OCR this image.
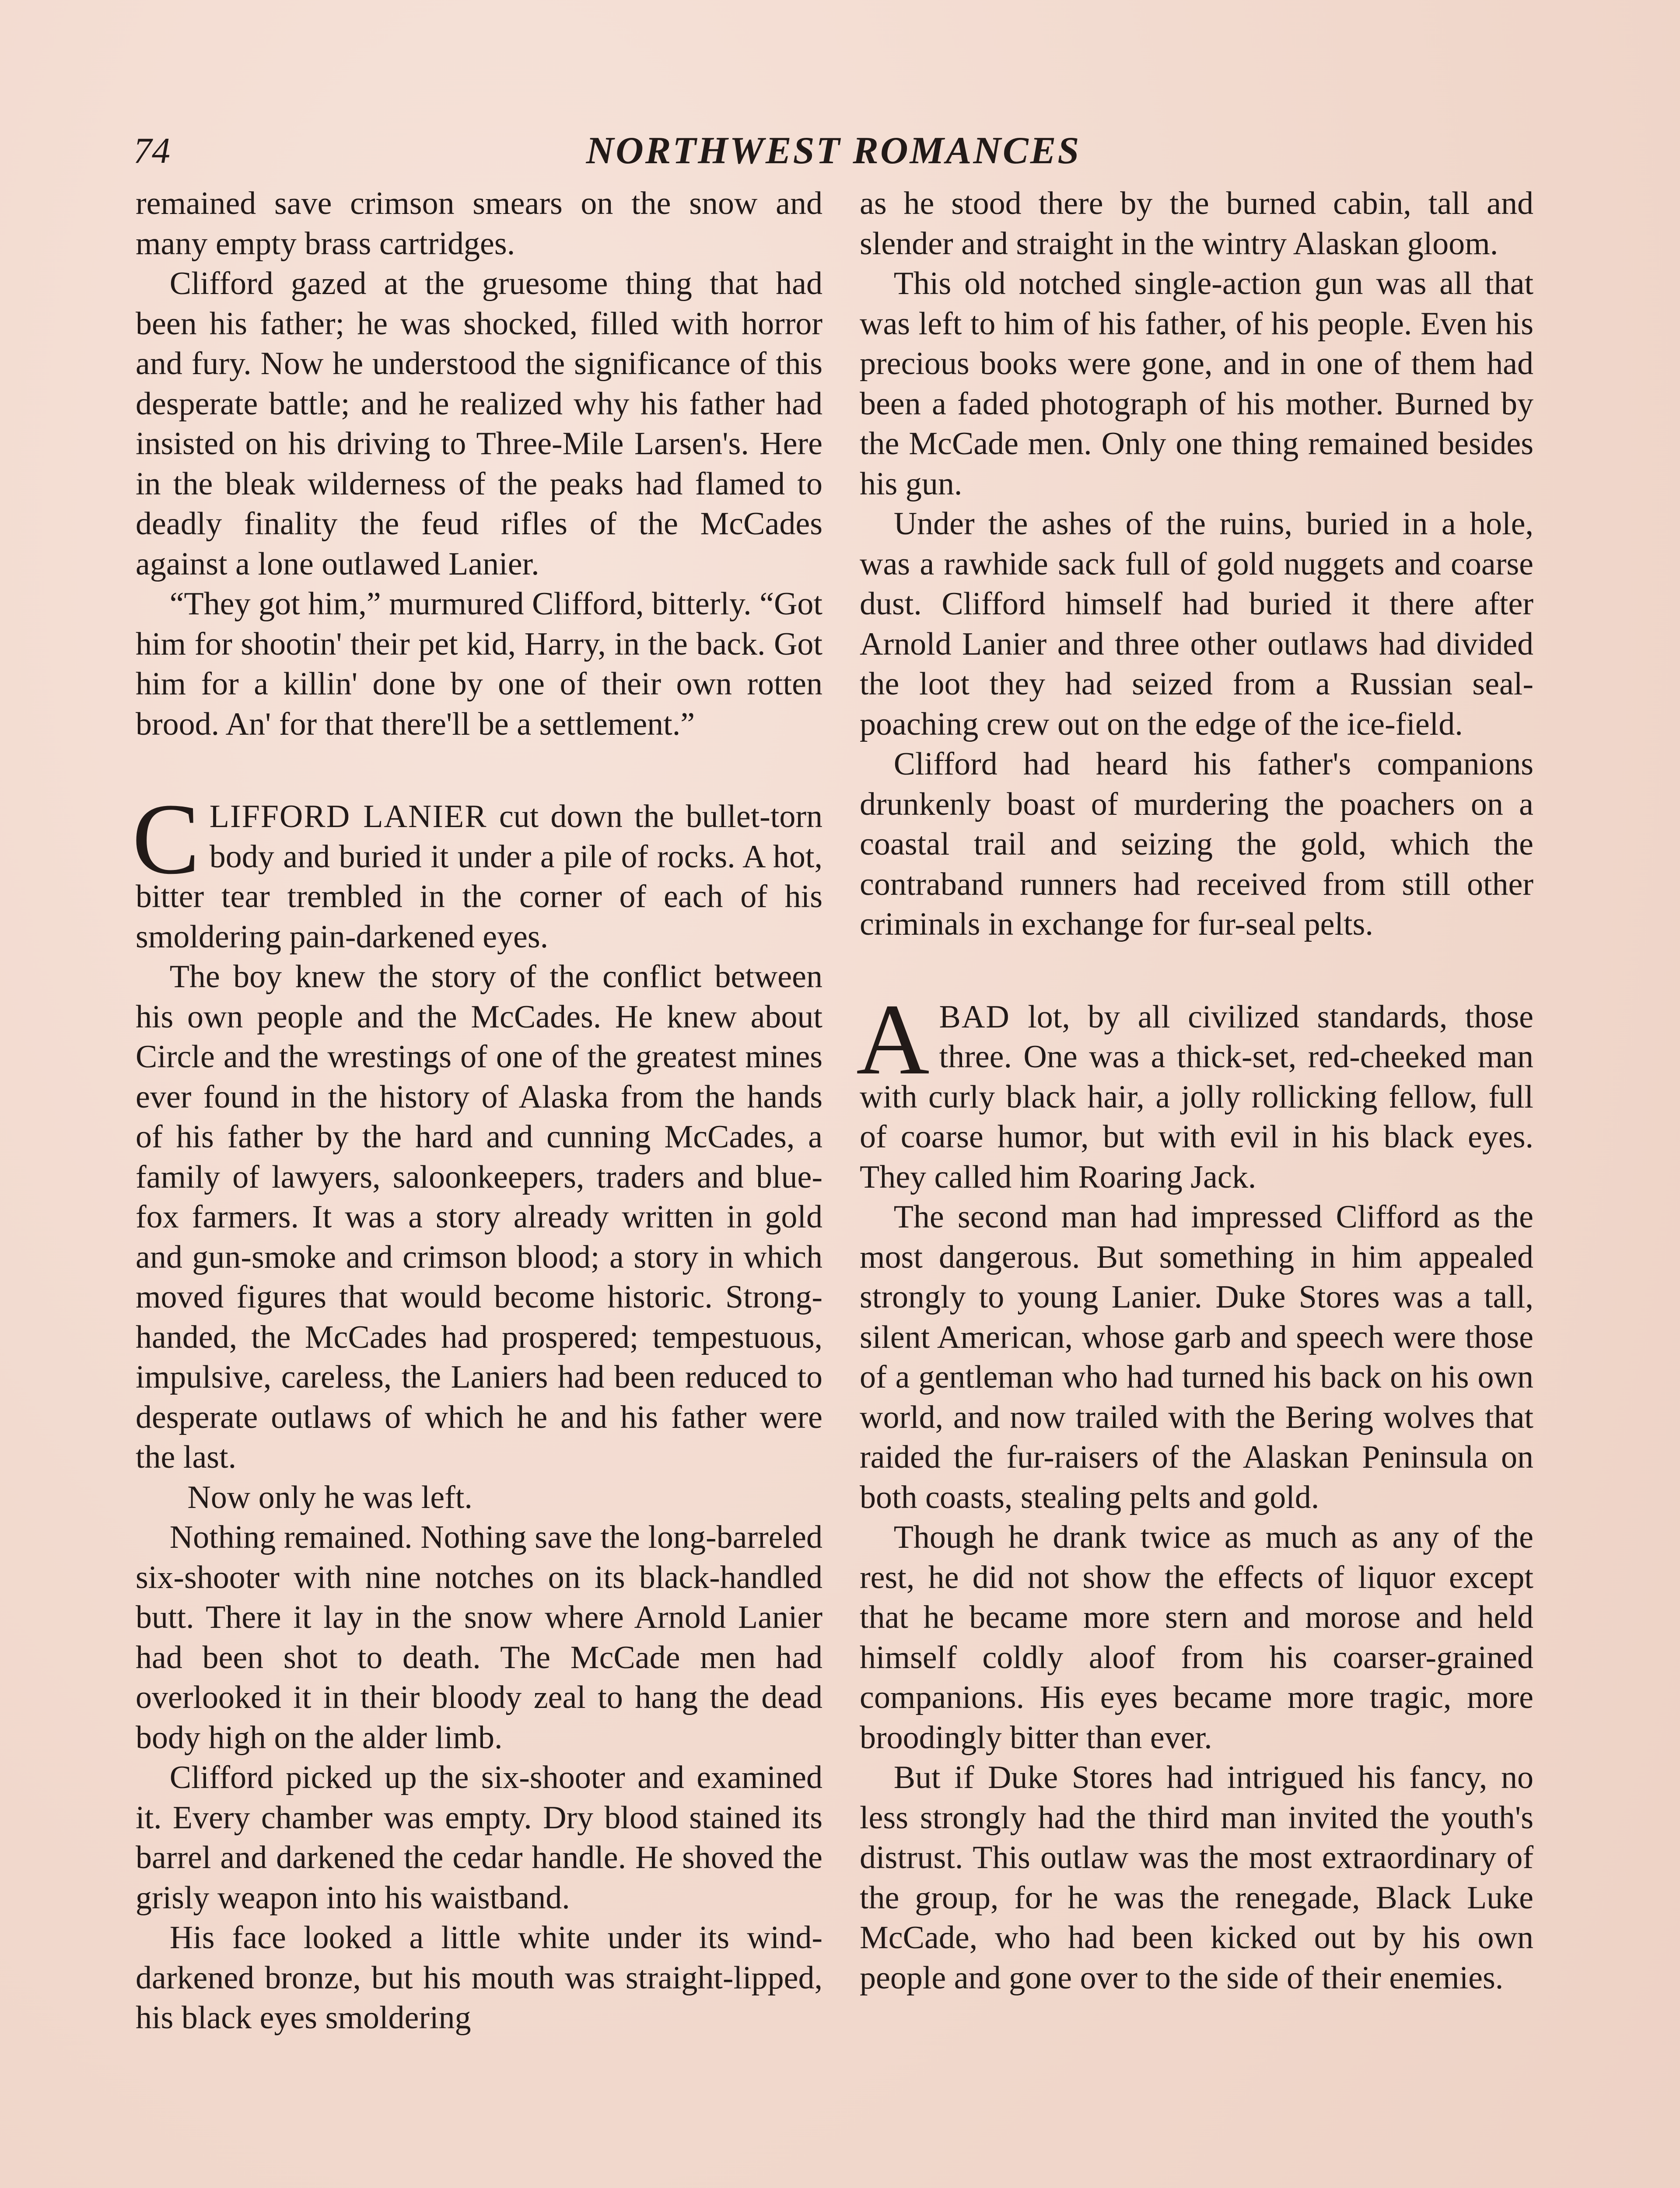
74	NORTHWEST ROMANCES

remained save crimson smears on the snow and many empty brass cartridges.

Clifford gazed at the gruesome thing that had been his father; he was shocked, filled with horror and fury. Now he understood the significance of this desperate battle; and he realized why his father had insisted on his driving to Three-Mile Larsen's. Here in the bleak wilderness of the peaks had flamed to deadly finality the feud rifles of the McCades against a lone outlawed Lanier.

“They got him,” murmured Clifford, bitterly. “Got him for shootin' their pet kid, Harry, in the back. Got him for a killin' done by one of their own rotten brood. An' for that there'll be a settlement.”

CLIFFORD LANIER cut down the bullet-torn body and buried it under a pile of rocks. A hot, bitter tear trembled in the corner of each of his smoldering pain-darkened eyes.

The boy knew the story of the conflict between his own people and the McCades. He knew about Circle and the wrestings of one of the greatest mines ever found in the history of Alaska from the hands of his father by the hard and cunning McCades, a family of lawyers, saloonkeepers, traders and blue-fox farmers. It was a story already written in gold and gun-smoke and crimson blood; a story in which moved figures that would become historic. Strong-handed, the McCades had prospered; tempestuous, impulsive, careless, the Laniers had been reduced to desperate outlaws of which he and his father were the last.

Now only he was left.

Nothing remained. Nothing save the long-barreled six-shooter with nine notches on its black-handled butt. There it lay in the snow where Arnold Lanier had been shot to death. The McCade men had overlooked it in their bloody zeal to hang the dead body high on the alder limb.

Clifford picked up the six-shooter and examined it. Every chamber was empty. Dry blood stained its barrel and darkened the cedar handle. He shoved the grisly weapon into his waistband.

His face looked a little white under its wind-darkened bronze, but his mouth was straight-lipped, his black eyes smoldering

as he stood there by the burned cabin, tall and slender and straight in the wintry Alaskan gloom.

This old notched single-action gun was all that was left to him of his father, of his people. Even his precious books were gone, and in one of them had been a faded photograph of his mother. Burned by the McCade men. Only one thing remained besides his gun.

Under the ashes of the ruins, buried in a hole, was a rawhide sack full of gold nuggets and coarse dust. Clifford himself had buried it there after Arnold Lanier and three other outlaws had divided the loot they had seized from a Russian seal-poaching crew out on the edge of the ice-field.

Clifford had heard his father's companions drunkenly boast of murdering the poachers on a coastal trail and seizing the gold, which the contraband runners had received from still other criminals in exchange for fur-seal pelts.

ABAD lot, by all civilized standards, those three. One was a thick-set, red-cheeked man with curly black hair, a jolly rollicking fellow, full of coarse humor, but with evil in his black eyes. They called him Roaring Jack.

The second man had impressed Clifford as the most dangerous. But something in him appealed strongly to young Lanier. Duke Stores was a tall, silent American, whose garb and speech were those of a gentleman who had turned his back on his own world, and now trailed with the Bering wolves that raided the fur-raisers of the Alaskan Peninsula on both coasts, stealing pelts and gold.

Though he drank twice as much as any of the rest, he did not show the effects of liquor except that he became more stern and morose and held himself coldly aloof from his coarser-grained companions. His eyes became more tragic, more broodingly bitter than ever.

But if Duke Stores had intrigued his fancy, no less strongly had the third man invited the youth's distrust. This outlaw was the most extraordinary of the group, for he was the renegade, Black Luke McCade, who had been kicked out by his own people and gone over to the side of their enemies.
